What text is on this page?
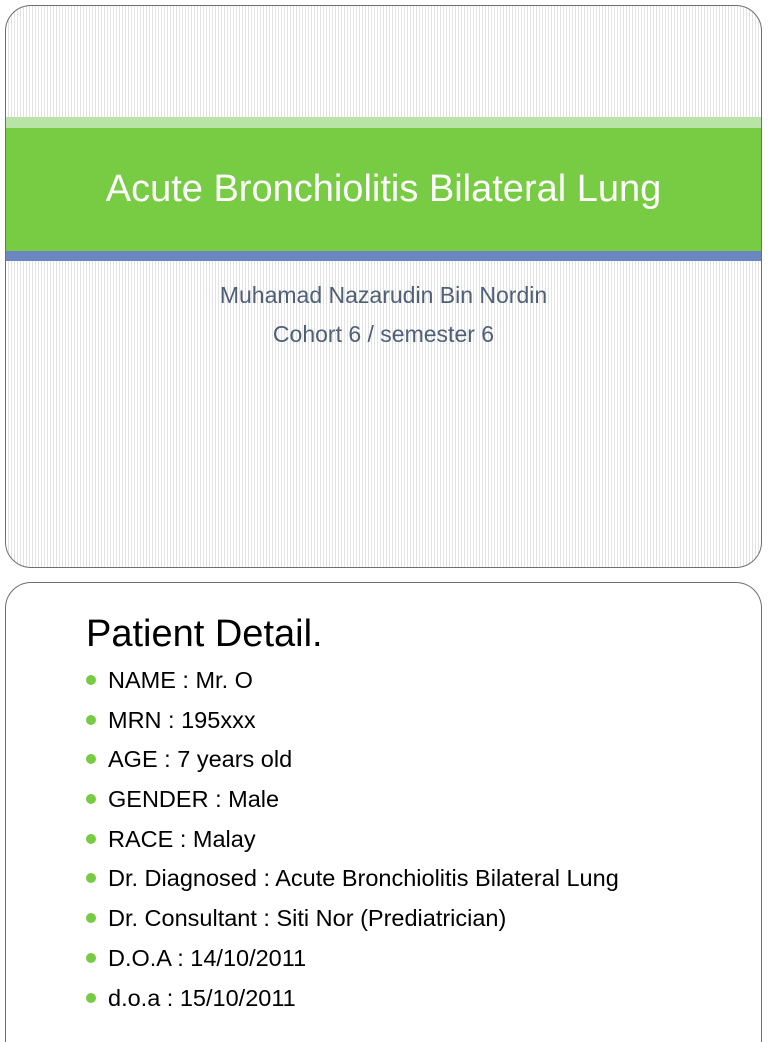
Acute Bronchiolitis Bilateral Lung
Muhamad Nazarudin Bin Nordin
Cohort 6 / semester 6
Patient Detail.
NAME : Mr. O
MRN : 195xxx
AGE : 7 years old
GENDER : Male
RACE : Malay
Dr. Diagnosed : Acute Bronchiolitis Bilateral Lung
Dr. Consultant : Siti Nor (Prediatrician)
D.O.A : 14/10/2011
d.o.a : 15/10/2011
